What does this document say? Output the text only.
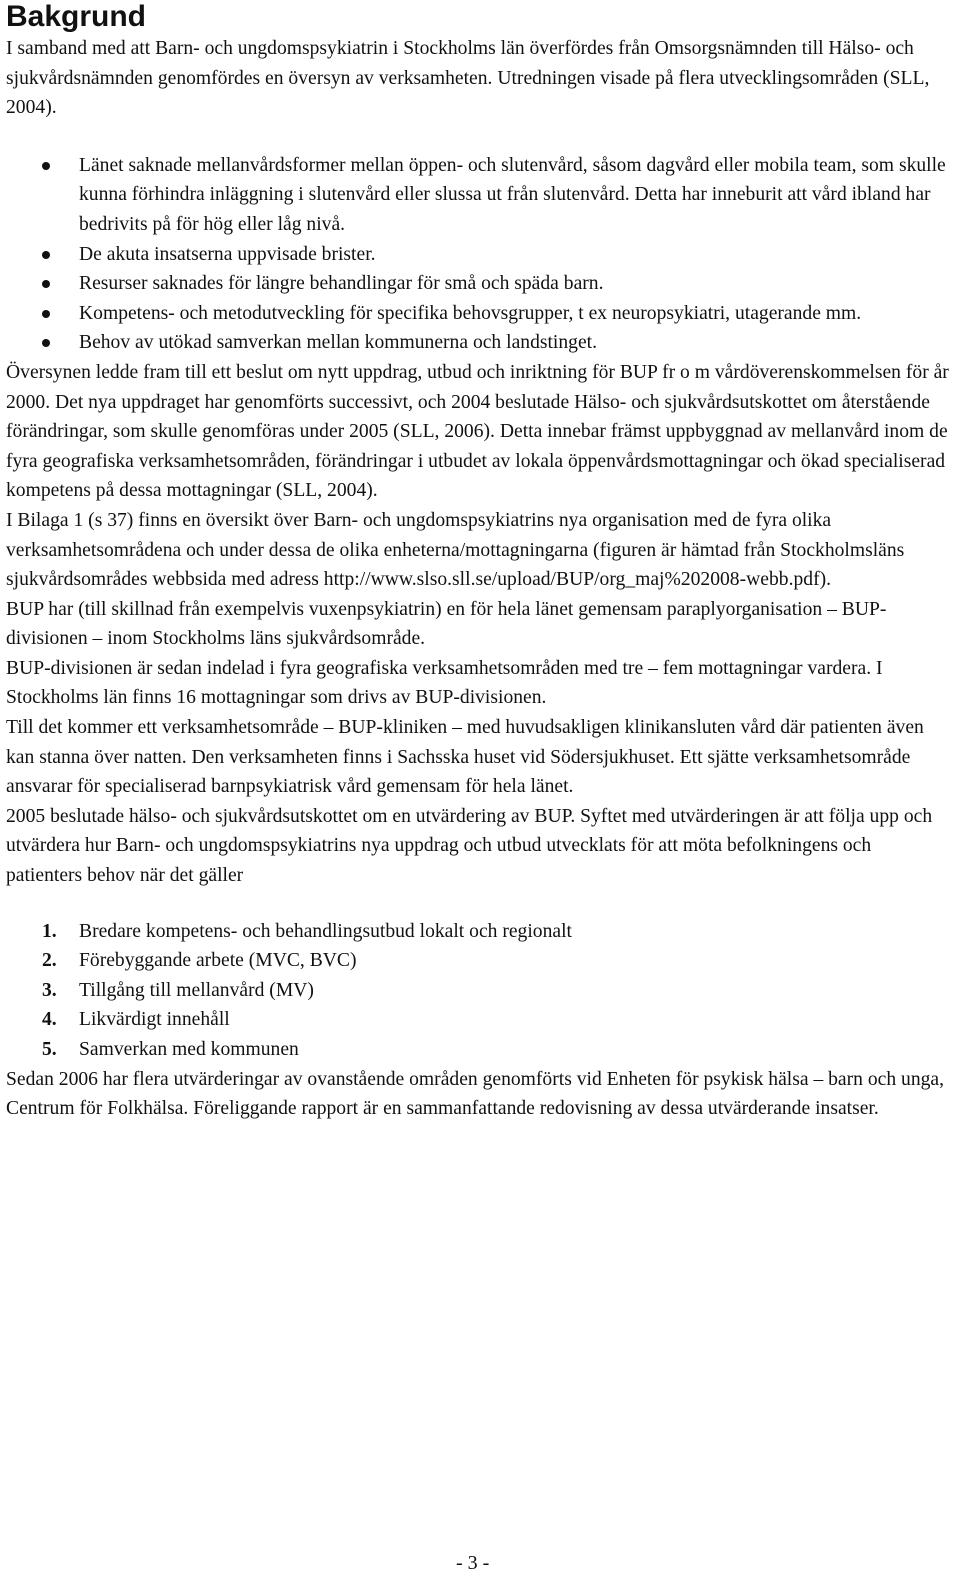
Bakgrund

I samband med att Barn- och ungdomspsykiatrin i Stockholms län överfördes från Omsorgsnämnden till Hälso- och sjukvårdsnämnden genomfördes en översyn av verksamheten. Utredningen visade på flera utvecklingsområden (SLL, 2004).

Länet saknade mellanvårdsformer mellan öppen- och slutenvård, såsom dagvård eller mobila team, som skulle kunna förhindra inläggning i slutenvård eller slussa ut från slutenvård. Detta har inneburit att vård ibland har bedrivits på för hög eller låg nivå.
De akuta insatserna uppvisade brister.
Resurser saknades för längre behandlingar för små och späda barn.
Kompetens- och metodutveckling för specifika behovsgrupper, t ex neuropsykiatri, utagerande mm.
Behov av utökad samverkan mellan kommunerna och landstinget.

Översynen ledde fram till ett beslut om nytt uppdrag, utbud och inriktning för BUP fr o m vårdöverenskommelsen för år 2000. Det nya uppdraget har genomförts successivt, och 2004 beslutade Hälso- och sjukvårdsutskottet om återstående förändringar, som skulle genomföras under 2005 (SLL, 2006). Detta innebar främst uppbyggnad av mellanvård inom de fyra geografiska verksamhetsområden, förändringar i utbudet av lokala öppenvårdsmottagningar och ökad specialiserad kompetens på dessa mottagningar (SLL, 2004).

I Bilaga 1 (s 37) finns en översikt över Barn- och ungdomspsykiatrins nya organisation med de fyra olika verksamhetsområdena och under dessa de olika enheterna/mottagningarna (figuren är hämtad från Stockholmsläns sjukvårdsområdes webbsida med adress http://www.slso.sll.se/upload/BUP/org_maj%202008-webb.pdf).

BUP har (till skillnad från exempelvis vuxenpsykiatrin) en för hela länet gemensam paraplyorganisation – BUP-divisionen – inom Stockholms läns sjukvårdsområde.

BUP-divisionen är sedan indelad i fyra geografiska verksamhetsområden med tre – fem mottagningar vardera. I Stockholms län finns 16 mottagningar som drivs av BUP-divisionen.

Till det kommer ett verksamhetsområde – BUP-kliniken – med huvudsakligen klinikansluten vård där patienten även kan stanna över natten. Den verksamheten finns i Sachsska huset vid Södersjukhuset. Ett sjätte verksamhetsområde ansvarar för specialiserad barnpsykiatrisk vård gemensam för hela länet.

2005 beslutade hälso- och sjukvårdsutskottet om en utvärdering av BUP. Syftet med utvärderingen är att följa upp och utvärdera hur Barn- och ungdomspsykiatrins nya uppdrag och utbud utvecklats för att möta befolkningens och patienters behov när det gäller

1. Bredare kompetens- och behandlingsutbud lokalt och regionalt
2. Förebyggande arbete (MVC, BVC)
3. Tillgång till mellanvård (MV)
4. Likvärdigt innehåll
5. Samverkan med kommunen

Sedan 2006 har flera utvärderingar av ovanstående områden genomförts vid Enheten för psykisk hälsa – barn och unga, Centrum för Folkhälsa. Föreliggande rapport är en sammanfattande redovisning av dessa utvärderande insatser.

- 3 -
